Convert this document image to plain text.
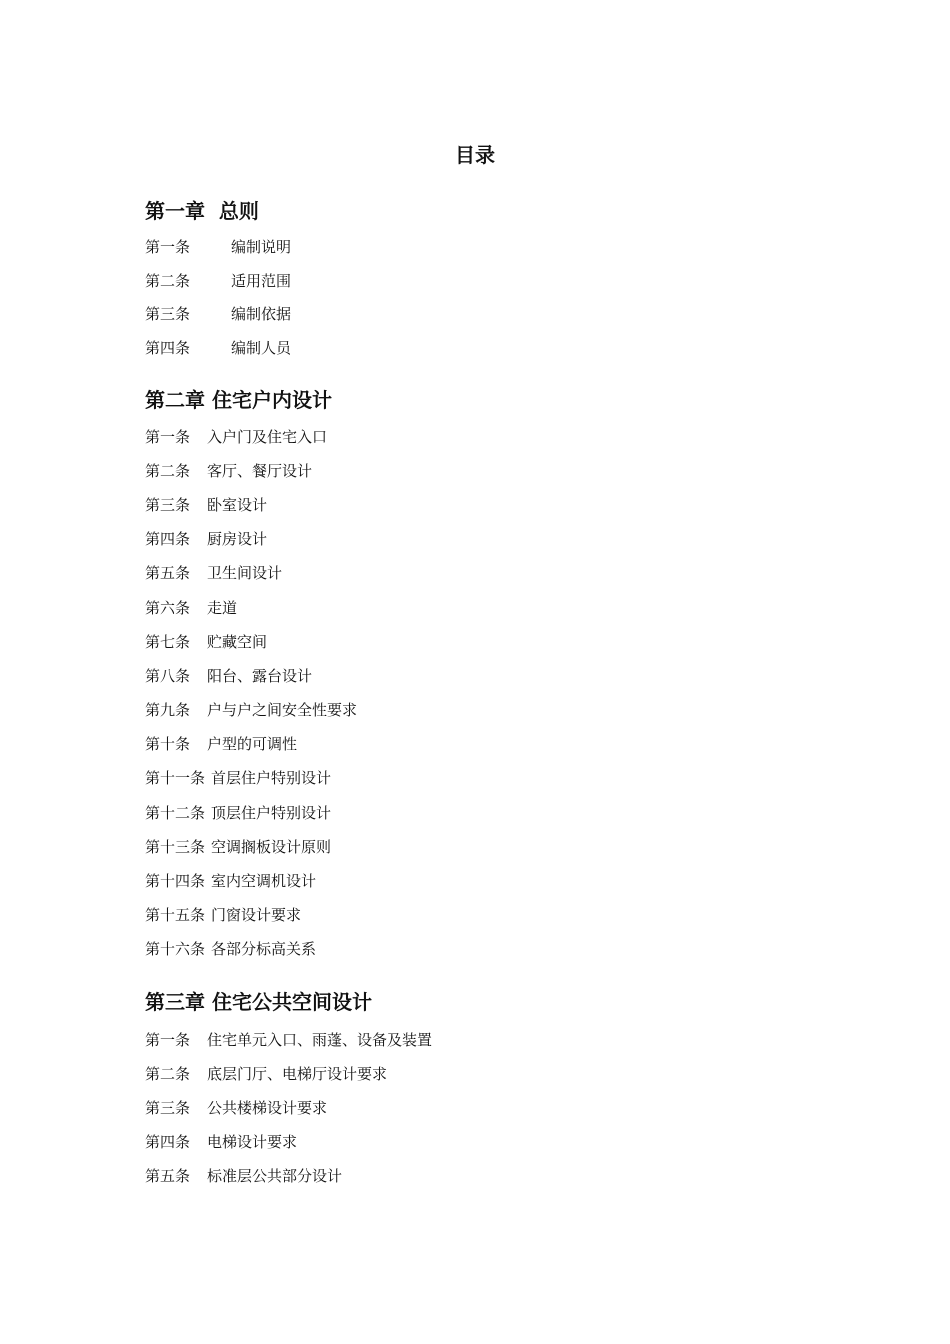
目录
第一章  总则
第一条	编制说明
第二条	适用范围
第三条	编制依据
第四条	编制人员
第二章 住宅户内设计
第一条	入户门及住宅入口
第二条	客厅、餐厅设计
第三条	卧室设计
第四条	厨房设计
第五条	卫生间设计
第六条	走道
第七条	贮藏空间
第八条	阳台、露台设计
第九条	户与户之间安全性要求
第十条	户型的可调性
第十一条 首层住户特别设计
第十二条 顶层住户特别设计
第十三条 空调搁板设计原则
第十四条 室内空调机设计
第十五条 门窗设计要求
第十六条 各部分标高关系
第三章 住宅公共空间设计
第一条	住宅单元入口、雨蓬、设备及装置
第二条	底层门厅、电梯厅设计要求
第三条	公共楼梯设计要求
第四条	电梯设计要求
第五条	标准层公共部分设计
